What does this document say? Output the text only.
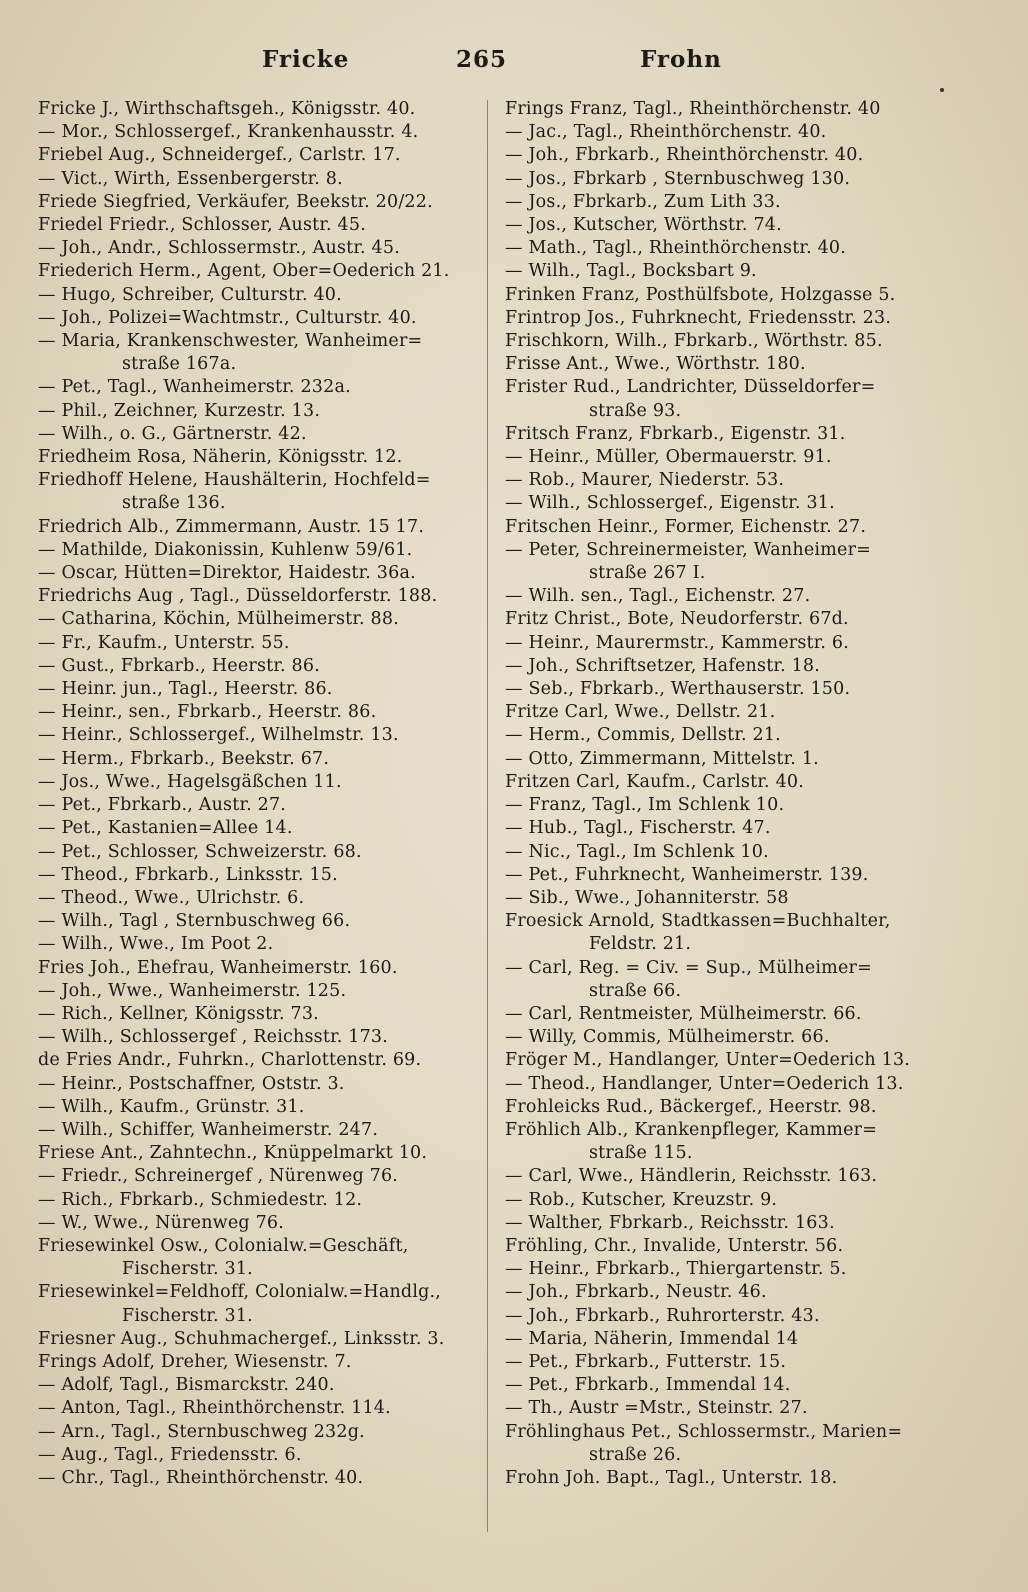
Fricke	265	Frohn
Fricke J., Wirthschaftsgeh., Königsstr. 40.
— Mor., Schlossergef., Krankenhausstr. 4.
Friebel Aug., Schneidergef., Carlstr. 17.
— Vict., Wirth, Essenbergerstr. 8.
Friede Siegfried, Verkäufer, Beekstr. 20/22.
Friedel Friedr., Schlosser, Austr. 45.
— Joh., Andr., Schlossermstr., Austr. 45.
Friederich Herm., Agent, Ober=Oederich 21.
— Hugo, Schreiber, Culturstr. 40.
— Joh., Polizei=Wachtmstr., Culturstr. 40.
— Maria, Krankenschwester, Wanheimer=
straße 167a.
— Pet., Tagl., Wanheimerstr. 232a.
— Phil., Zeichner, Kurzestr. 13.
— Wilh., o. G., Gärtnerstr. 42.
Friedheim Rosa, Näherin, Königsstr. 12.
Friedhoff Helene, Haushälterin, Hochfeld=
straße 136.
Friedrich Alb., Zimmermann, Austr. 15 17.
— Mathilde, Diakonissin, Kuhlenw 59/61.
— Oscar, Hütten=Direktor, Haidestr. 36a.
Friedrichs Aug , Tagl., Düsseldorferstr. 188.
— Catharina, Köchin, Mülheimerstr. 88.
— Fr., Kaufm., Unterstr. 55.
— Gust., Fbrkarb., Heerstr. 86.
— Heinr. jun., Tagl., Heerstr. 86.
— Heinr., sen., Fbrkarb., Heerstr. 86.
— Heinr., Schlossergef., Wilhelmstr. 13.
— Herm., Fbrkarb., Beekstr. 67.
— Jos., Wwe., Hagelsgäßchen 11.
— Pet., Fbrkarb., Austr. 27.
— Pet., Kastanien=Allee 14.
— Pet., Schlosser, Schweizerstr. 68.
— Theod., Fbrkarb., Linksstr. 15.
— Theod., Wwe., Ulrichstr. 6.
— Wilh., Tagl , Sternbuschweg 66.
— Wilh., Wwe., Im Poot 2.
Fries Joh., Ehefrau, Wanheimerstr. 160.
— Joh., Wwe., Wanheimerstr. 125.
— Rich., Kellner, Königsstr. 73.
— Wilh., Schlossergef , Reichsstr. 173.
de Fries Andr., Fuhrkn., Charlottenstr. 69.
— Heinr., Postschaffner, Oststr. 3.
— Wilh., Kaufm., Grünstr. 31.
— Wilh., Schiffer, Wanheimerstr. 247.
Friese Ant., Zahntechn., Knüppelmarkt 10.
— Friedr., Schreinergef , Nürenweg 76.
— Rich., Fbrkarb., Schmiedestr. 12.
— W., Wwe., Nürenweg 76.
Friesewinkel Osw., Colonialw.=Geschäft,
Fischerstr. 31.
Friesewinkel=Feldhoff, Colonialw.=Handlg.,
Fischerstr. 31.
Friesner Aug., Schuhmachergef., Linksstr. 3.
Frings Adolf, Dreher, Wiesenstr. 7.
— Adolf, Tagl., Bismarckstr. 240.
— Anton, Tagl., Rheinthörchenstr. 114.
— Arn., Tagl., Sternbuschweg 232g.
— Aug., Tagl., Friedensstr. 6.
— Chr., Tagl., Rheinthörchenstr. 40.
Frings Franz, Tagl., Rheinthörchenstr. 40
— Jac., Tagl., Rheinthörchenstr. 40.
— Joh., Fbrkarb., Rheinthörchenstr. 40.
— Jos., Fbrkarb , Sternbuschweg 130.
— Jos., Fbrkarb., Zum Lith 33.
— Jos., Kutscher, Wörthstr. 74.
— Math., Tagl., Rheinthörchenstr. 40.
— Wilh., Tagl., Bocksbart 9.
Frinken Franz, Posthülfsbote, Holzgasse 5.
Frintrop Jos., Fuhrknecht, Friedensstr. 23.
Frischkorn, Wilh., Fbrkarb., Wörthstr. 85.
Frisse Ant., Wwe., Wörthstr. 180.
Frister Rud., Landrichter, Düsseldorfer=
straße 93.
Fritsch Franz, Fbrkarb., Eigenstr. 31.
— Heinr., Müller, Obermauerstr. 91.
— Rob., Maurer, Niederstr. 53.
— Wilh., Schlossergef., Eigenstr. 31.
Fritschen Heinr., Former, Eichenstr. 27.
— Peter, Schreinermeister, Wanheimer=
straße 267 I.
— Wilh. sen., Tagl., Eichenstr. 27.
Fritz Christ., Bote, Neudorferstr. 67d.
— Heinr., Maurermstr., Kammerstr. 6.
— Joh., Schriftsetzer, Hafenstr. 18.
— Seb., Fbrkarb., Werthauserstr. 150.
Fritze Carl, Wwe., Dellstr. 21.
— Herm., Commis, Dellstr. 21.
— Otto, Zimmermann, Mittelstr. 1.
Fritzen Carl, Kaufm., Carlstr. 40.
— Franz, Tagl., Im Schlenk 10.
— Hub., Tagl., Fischerstr. 47.
— Nic., Tagl., Im Schlenk 10.
— Pet., Fuhrknecht, Wanheimerstr. 139.
— Sib., Wwe., Johanniterstr. 58
Froesick Arnold, Stadtkassen=Buchhalter,
Feldstr. 21.
— Carl, Reg. = Civ. = Sup., Mülheimer=
straße 66.
— Carl, Rentmeister, Mülheimerstr. 66.
— Willy, Commis, Mülheimerstr. 66.
Fröger M., Handlanger, Unter=Oederich 13.
— Theod., Handlanger, Unter=Oederich 13.
Frohleicks Rud., Bäckergef., Heerstr. 98.
Fröhlich Alb., Krankenpfleger, Kammer=
straße 115.
— Carl, Wwe., Händlerin, Reichsstr. 163.
— Rob., Kutscher, Kreuzstr. 9.
— Walther, Fbrkarb., Reichsstr. 163.
Fröhling, Chr., Invalide, Unterstr. 56.
— Heinr., Fbrkarb., Thiergartenstr. 5.
— Joh., Fbrkarb., Neustr. 46.
— Joh., Fbrkarb., Ruhrorterstr. 43.
— Maria, Näherin, Immendal 14
— Pet., Fbrkarb., Futterstr. 15.
— Pet., Fbrkarb., Immendal 14.
— Th., Austr =Mstr., Steinstr. 27.
Fröhlinghaus Pet., Schlossermstr., Marien=
straße 26.
Frohn Joh. Bapt., Tagl., Unterstr. 18.
